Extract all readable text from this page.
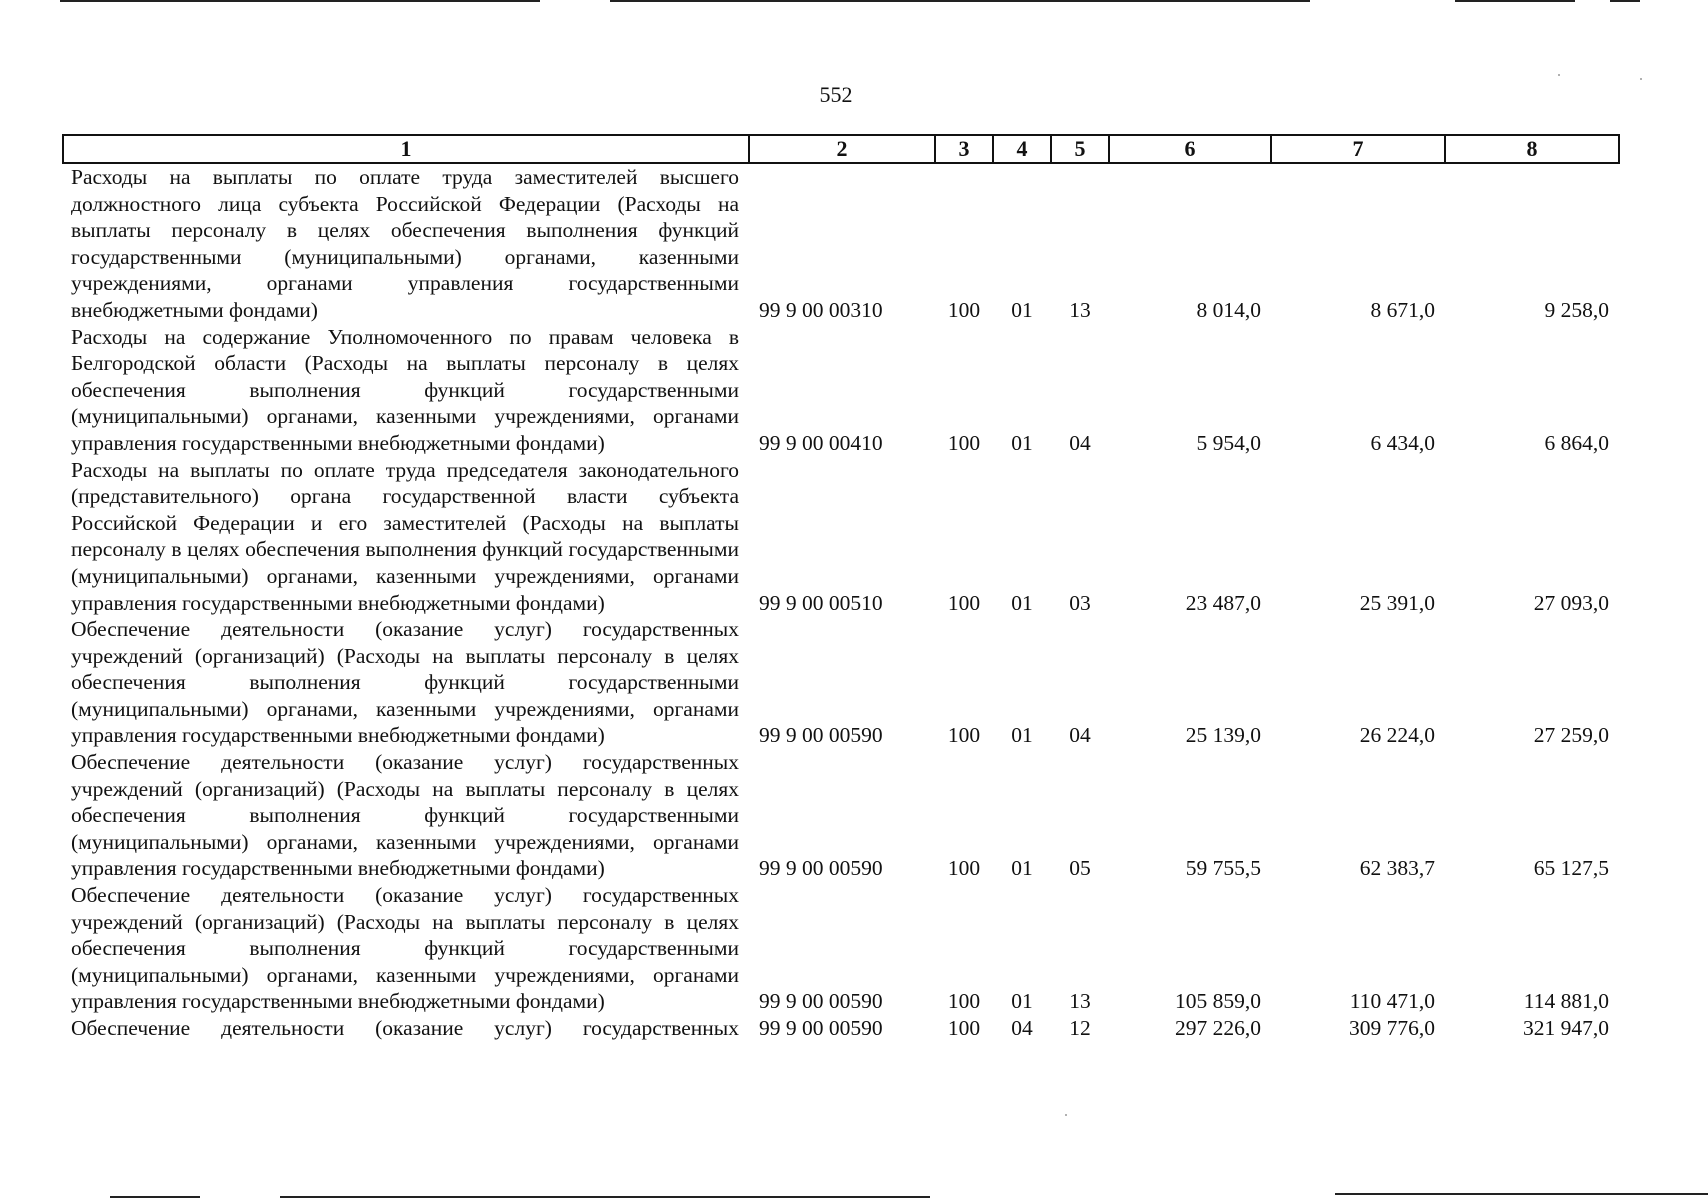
552
1	2	3	4	5	6	7	8
Расходы на выплаты по оплате труда заместителей высшего должностного лица субъекта Российской Федерации (Расходы на выплаты персоналу в целях обеспечения выполнения функций государственными (муниципальными) органами, казенными учреждениями, органами управления государственными внебюджетными фондами)	99 9 00 00310	100	01	13	8 014,0	8 671,0	9 258,0
Расходы на содержание Уполномоченного по правам человека в Белгородской области (Расходы на выплаты персоналу в целях обеспечения выполнения функций государственными (муниципальными) органами, казенными учреждениями, органами управления государственными внебюджетными фондами)	99 9 00 00410	100	01	04	5 954,0	6 434,0	6 864,0
Расходы на выплаты по оплате труда председателя законодательного (представительного) органа государственной власти субъекта Российской Федерации и его заместителей (Расходы на выплаты персоналу в целях обеспечения выполнения функций государственными (муниципальными) органами, казенными учреждениями, органами управления государственными внебюджетными фондами)	99 9 00 00510	100	01	03	23 487,0	25 391,0	27 093,0
Обеспечение деятельности (оказание услуг) государственных учреждений (организаций) (Расходы на выплаты персоналу в целях обеспечения выполнения функций государственными (муниципальными) органами, казенными учреждениями, органами управления государственными внебюджетными фондами)	99 9 00 00590	100	01	04	25 139,0	26 224,0	27 259,0
Обеспечение деятельности (оказание услуг) государственных учреждений (организаций) (Расходы на выплаты персоналу в целях обеспечения выполнения функций государственными (муниципальными) органами, казенными учреждениями, органами управления государственными внебюджетными фондами)	99 9 00 00590	100	01	05	59 755,5	62 383,7	65 127,5
Обеспечение деятельности (оказание услуг) государственных учреждений (организаций) (Расходы на выплаты персоналу в целях обеспечения выполнения функций государственными (муниципальными) органами, казенными учреждениями, органами управления государственными внебюджетными фондами)	99 9 00 00590	100	01	13	105 859,0	110 471,0	114 881,0
Обеспечение деятельности (оказание услуг) государственных	99 9 00 00590	100	04	12	297 226,0	309 776,0	321 947,0
